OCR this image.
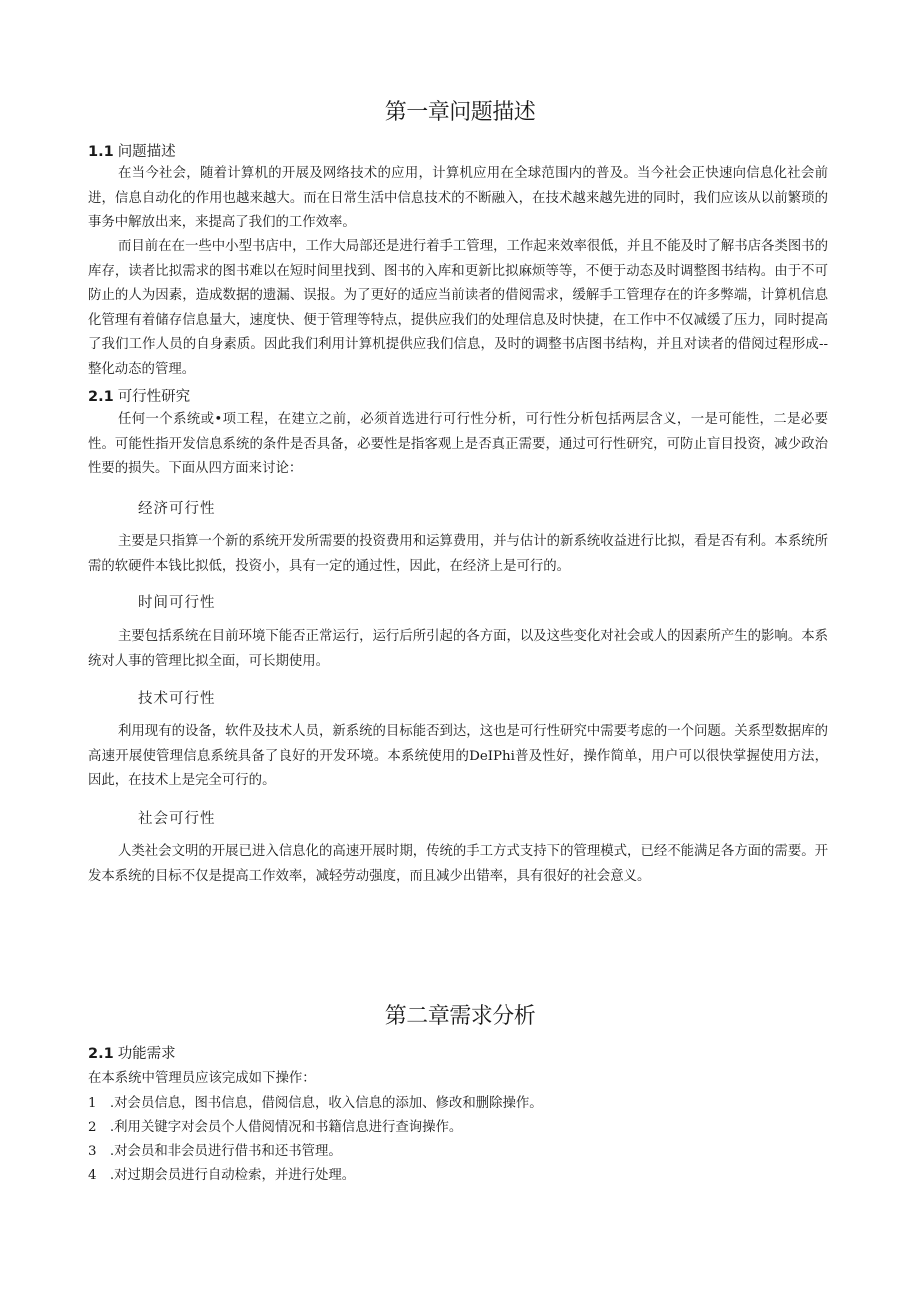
第一章问题描述
1.1 问题描述

在当今社会，随着计算机的开展及网络技术的应用，计算机应用在全球范围内的普及。当今社会正快速向信息化社会前进，信息自动化的作用也越来越大。而在日常生活中信息技术的不断融入，在技术越来越先进的同时，我们应该从以前繁琐的事务中解放出来，来提高了我们的工作效率。

而目前在在一些中小型书店中，工作大局部还是进行着手工管理，工作起来效率很低，并且不能及时了解书店各类图书的库存，读者比拟需求的图书难以在短时间里找到、图书的入库和更新比拟麻烦等等，不便于动态及时调整图书结构。由于不可防止的人为因素，造成数据的遗漏、误报。为了更好的适应当前读者的借阅需求，缓解手工管理存在的许多弊端，计算机信息化管理有着储存信息量大，速度快、便于管理等特点，提供应我们的处理信息及时快捷，在工作中不仅减缓了压力，同时提高了我们工作人员的自身素质。因此我们利用计算机提供应我们信息，及时的调整书店图书结构，并且对读者的借阅过程形成--整化动态的管理。

2.1 可行性研究

任何一个系统或•项工程，在建立之前，必须首选进行可行性分析，可行性分析包括两层含义，一是可能性，二是必要性。可能性指开发信息系统的条件是否具备，必要性是指客观上是否真正需要，通过可行性研究，可防止盲目投资，减少政治性要的损失。下面从四方面来讨论：

经济可行性

主要是只指算一个新的系统开发所需要的投资费用和运算费用，并与估计的新系统收益进行比拟，看是否有利。本系统所需的软硬件本钱比拟低，投资小，具有一定的通过性，因此，在经济上是可行的。

时间可行性

主要包括系统在目前环境下能否正常运行，运行后所引起的各方面，以及这些变化对社会或人的因素所产生的影响。本系统对人事的管理比拟全面，可长期使用。

技术可行性

利用现有的设备，软件及技术人员，新系统的目标能否到达，这也是可行性研究中需要考虑的一个问题。关系型数据库的高速开展使管理信息系统具备了良好的开发环境。本系统使用的DeIPhi普及性好，操作简单，用户可以很快掌握使用方法，因此，在技术上是完全可行的。

社会可行性

人类社会文明的开展已进入信息化的高速开展时期，传统的手工方式支持下的管理模式，已经不能满足各方面的需要。开发本系统的目标不仅是提高工作效率，减轻劳动强度，而且减少出错率，具有很好的社会意义。

第二章需求分析
2.1 功能需求

在本系统中管理员应该完成如下操作：

1　.对会员信息，图书信息，借阅信息，收入信息的添加、修改和删除操作。

2　.利用关键字对会员个人借阅情况和书籍信息进行查询操作。

3　.对会员和非会员进行借书和还书管理。

4　.对过期会员进行自动检索，并进行处理。
